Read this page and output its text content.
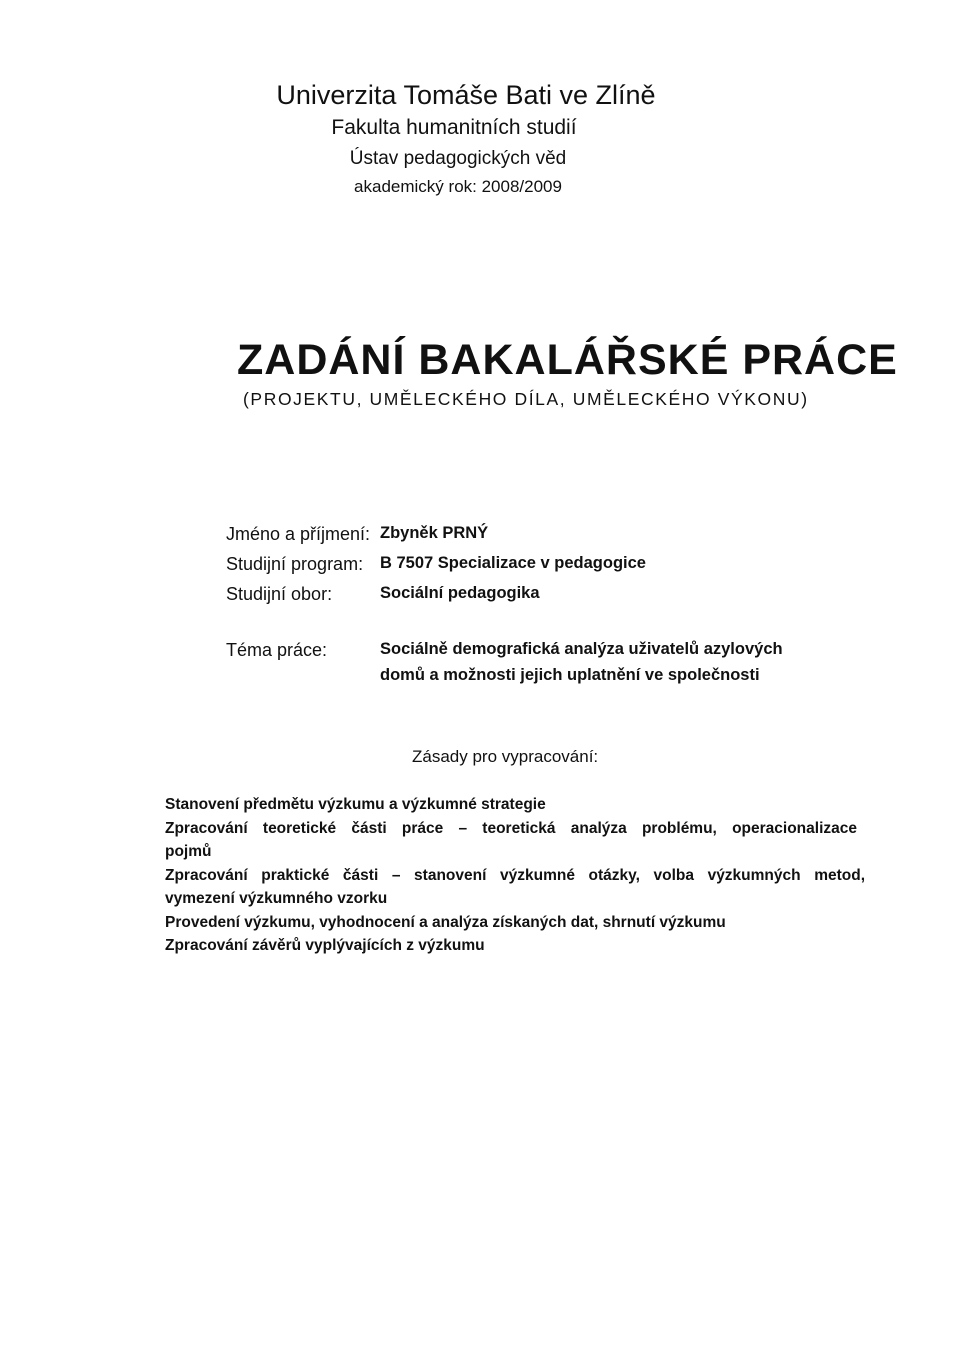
Univerzita Tomáše Bati ve Zlíně
Fakulta humanitních studií
Ústav pedagogických věd
akademický rok: 2008/2009
ZADÁNÍ BAKALÁŘSKÉ PRÁCE
(PROJEKTU, UMĚLECKÉHO DÍLA, UMĚLECKÉHO VÝKONU)
Jméno a příjmení: Zbyněk PRNÝ
Studijní program: B 7507 Specializace v pedagogice
Studijní obor:	Sociální pedagogika
Téma práce:	Sociálně demografická analýza uživatelů azylových
domů a možnosti jejich uplatnění ve společnosti
Zásady pro vypracování:
Stanovení předmětu výzkumu a výzkumné strategie
Zpracování teoretické části práce – teoretická analýza problému, operacionalizace
pojmů
Zpracování praktické části – stanovení výzkumné otázky, volba výzkumných metod,
vymezení výzkumného vzorku
Provedení výzkumu, vyhodnocení a analýza získaných dat, shrnutí výzkumu
Zpracování závěrů vyplývajících z výzkumu
